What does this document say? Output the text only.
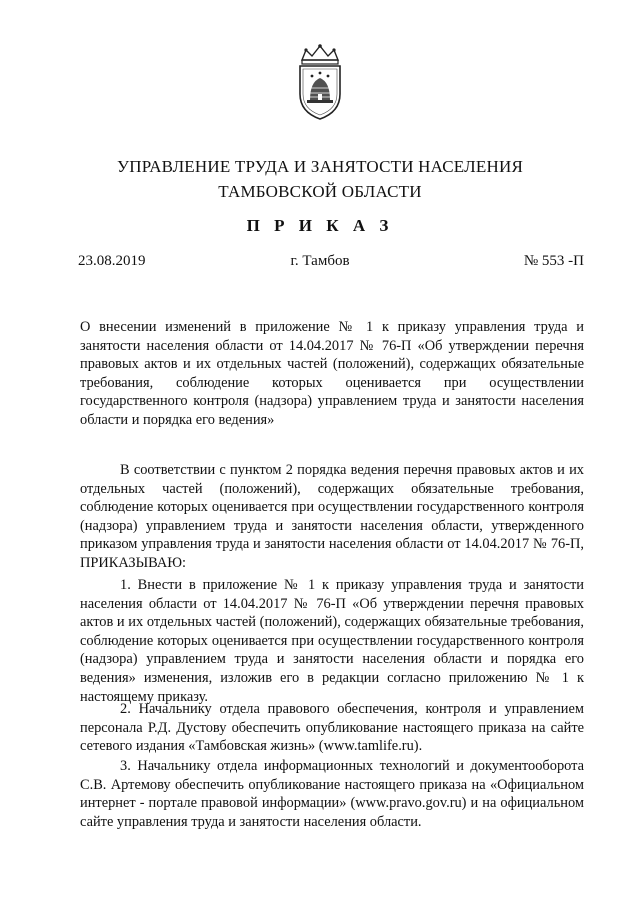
УПРАВЛЕНИЕ ТРУДА И ЗАНЯТОСТИ НАСЕЛЕНИЯ
ТАМБОВСКОЙ ОБЛАСТИ
П Р И К А З
23.08.2019	г. Тамбов	№ 553 -П

О внесении изменений в приложение № 1 к приказу управления труда и занятости населения области от 14.04.2017 № 76-П «Об утверждении перечня правовых актов и их отдельных частей (положений), содержащих обязательные требования, соблюдение которых оценивается при осуществлении государственного контроля (надзора) управлением труда и занятости населения области и порядка его ведения»

В соответствии с пунктом 2 порядка ведения перечня правовых актов и их отдельных частей (положений), содержащих обязательные требования, соблюдение которых оценивается при осуществлении государственного контроля (надзора) управлением труда и занятости населения области, утвержденного приказом управления труда и занятости населения области от 14.04.2017 № 76-П, ПРИКАЗЫВАЮ:

1. Внести в приложение № 1 к приказу управления труда и занятости населения области от 14.04.2017 № 76-П «Об утверждении перечня правовых актов и их отдельных частей (положений), содержащих обязательные требования, соблюдение которых оценивается при осуществлении государственного контроля (надзора) управлением труда и занятости населения области и порядка его ведения» изменения, изложив его в редакции согласно приложению № 1 к настоящему приказу.

2. Начальнику отдела правового обеспечения, контроля и управлением персонала Р.Д. Дустову обеспечить опубликование настоящего приказа на сайте сетевого издания «Тамбовская жизнь» (www.tamlife.ru).

3. Начальнику отдела информационных технологий и документооборота С.В. Артемову обеспечить опубликование настоящего приказа на «Официальном интернет - портале правовой информации» (www.pravo.gov.ru) и на официальном сайте управления труда и занятости населения области.
